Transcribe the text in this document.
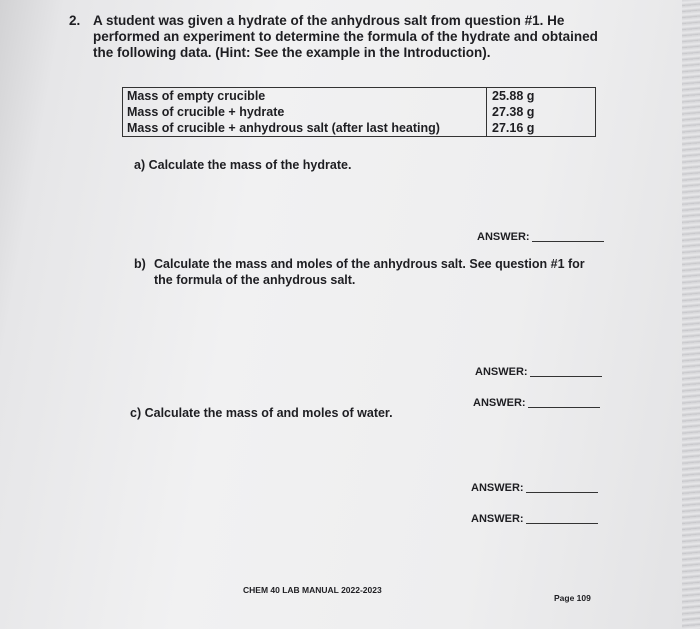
2. A student was given a hydrate of the anhydrous salt from question #1. He performed an experiment to determine the formula of the hydrate and obtained the following data. (Hint: See the example in the Introduction).
Mass of empty crucible	25.88 g
Mass of crucible + hydrate	27.38 g
Mass of crucible + anhydrous salt (after last heating)	27.16 g
a) Calculate the mass of the hydrate.
ANSWER:
b) Calculate the mass and moles of the anhydrous salt. See question #1 for the formula of the anhydrous salt.
ANSWER:
ANSWER:
c) Calculate the mass of and moles of water.
ANSWER:
ANSWER:
CHEM 40 LAB MANUAL 2022-2023
Page 109
